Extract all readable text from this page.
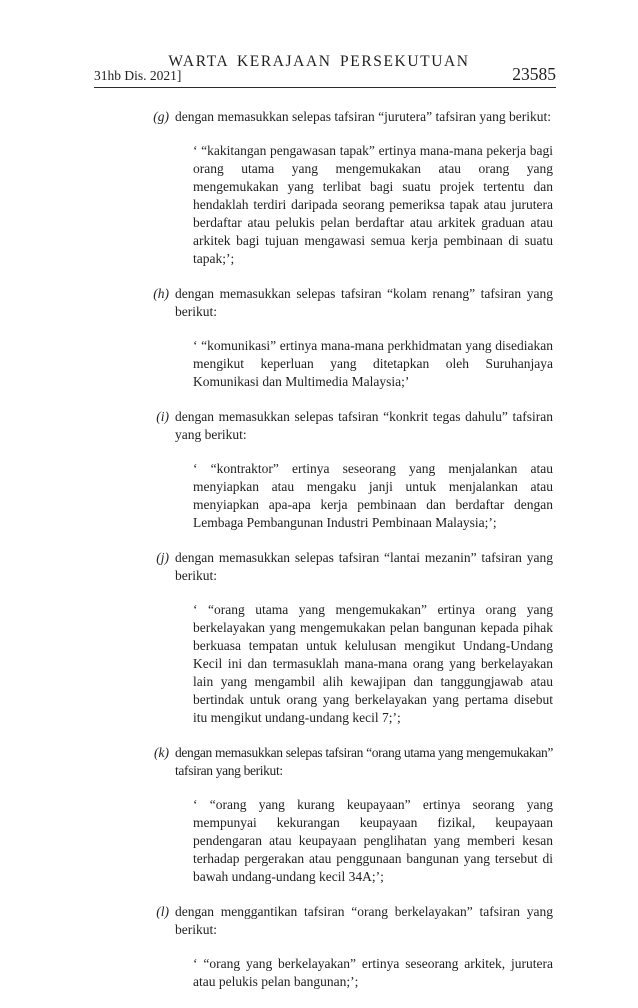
WARTA KERAJAAN PERSEKUTUAN
31hb Dis. 2021]	23585
(g) dengan memasukkan selepas tafsiran “jurutera” tafsiran yang berikut:
‘ “kakitangan pengawasan tapak” ertinya mana-mana pekerja bagi orang utama yang mengemukakan atau orang yang mengemukakan yang terlibat bagi suatu projek tertentu dan hendaklah terdiri daripada seorang pemeriksa tapak atau jurutera berdaftar atau pelukis pelan berdaftar atau arkitek graduan atau arkitek bagi tujuan mengawasi semua kerja pembinaan di suatu tapak;’;
(h) dengan memasukkan selepas tafsiran “kolam renang” tafsiran yang berikut:
‘ “komunikasi” ertinya mana-mana perkhidmatan yang disediakan mengikut keperluan yang ditetapkan oleh Suruhanjaya Komunikasi dan Multimedia Malaysia;’
(i) dengan memasukkan selepas tafsiran “konkrit tegas dahulu” tafsiran yang berikut:
‘ “kontraktor” ertinya seseorang yang menjalankan atau menyiapkan atau mengaku janji untuk menjalankan atau menyiapkan apa-apa kerja pembinaan dan berdaftar dengan Lembaga Pembangunan Industri Pembinaan Malaysia;’;
(j) dengan memasukkan selepas tafsiran “lantai mezanin” tafsiran yang berikut:
‘ “orang utama yang mengemukakan” ertinya orang yang berkelayakan yang mengemukakan pelan bangunan kepada pihak berkuasa tempatan untuk kelulusan mengikut Undang-Undang Kecil ini dan termasuklah mana-mana orang yang berkelayakan lain yang mengambil alih kewajipan dan tanggungjawab atau bertindak untuk orang yang berkelayakan yang pertama disebut itu mengikut undang-undang kecil 7;’;
(k) dengan memasukkan selepas tafsiran “orang utama yang mengemukakan” tafsiran yang berikut:
‘ “orang yang kurang keupayaan” ertinya seorang yang mempunyai kekurangan keupayaan fizikal, keupayaan pendengaran atau keupayaan penglihatan yang memberi kesan terhadap pergerakan atau penggunaan bangunan yang tersebut di bawah undang-undang kecil 34A;’;
(l) dengan menggantikan tafsiran “orang berkelayakan” tafsiran yang berikut:
‘ “orang yang berkelayakan” ertinya seseorang arkitek, jurutera atau pelukis pelan bangunan;’;
